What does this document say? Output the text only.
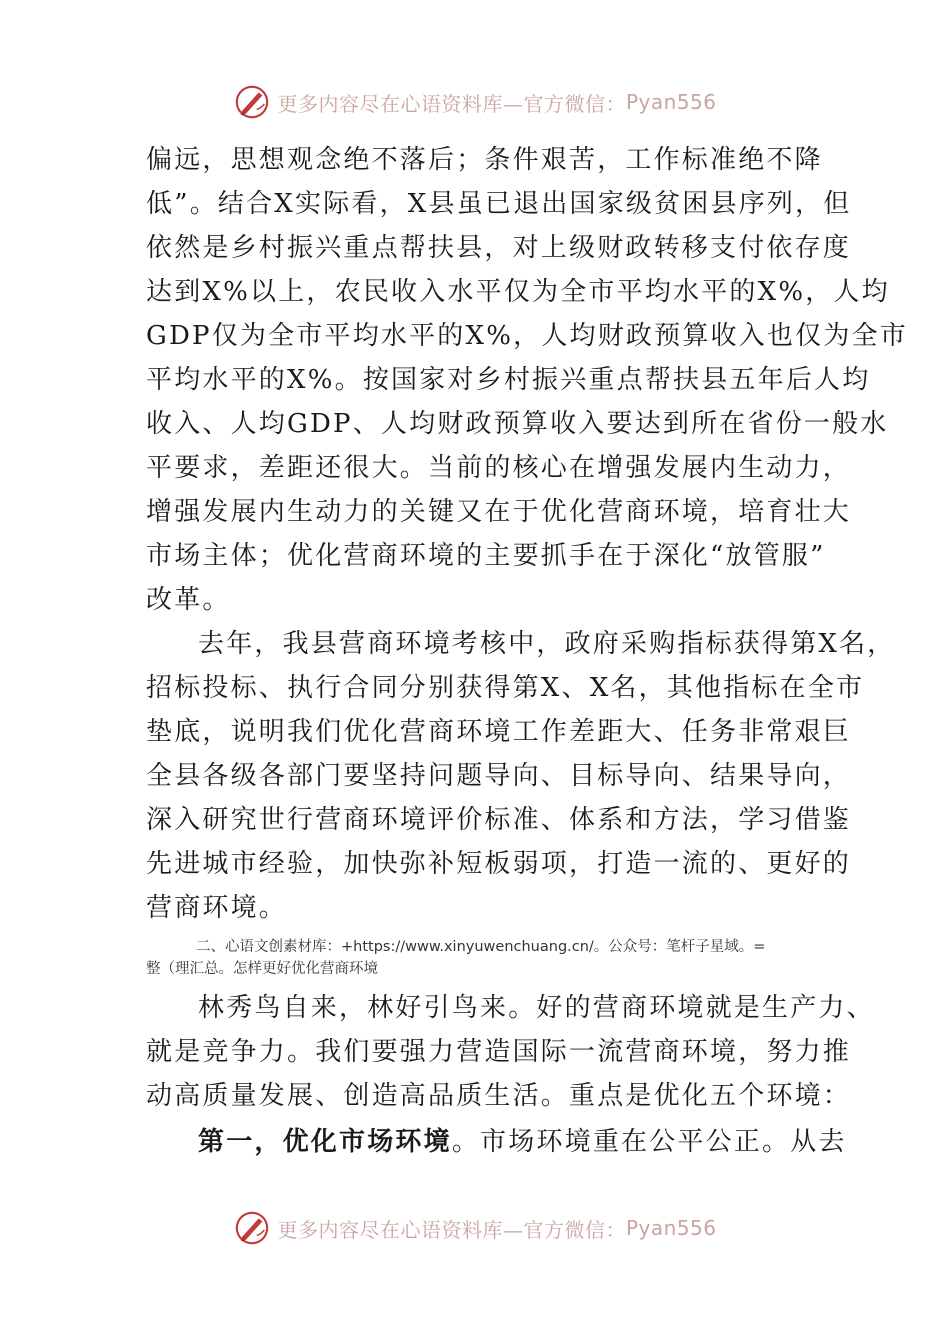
更多内容尽在心语资料库—官方微信： Pyan556
偏远，思想观念绝不落后；条件艰苦，工作标准绝不降
低”。结合X实际看，X县虽已退出国家级贫困县序列，但
依然是乡村振兴重点帮扶县，对上级财政转移支付依存度
达到X%以上，农民收入水平仅为全市平均水平的X%，人均
GDP仅为全市平均水平的X%，人均财政预算收入也仅为全市
平均水平的X%。按国家对乡村振兴重点帮扶县五年后人均
收入、人均GDP、人均财政预算收入要达到所在省份一般水
平要求，差距还很大。当前的核心在增强发展内生动力，
增强发展内生动力的关键又在于优化营商环境，培育壮大
市场主体；优化营商环境的主要抓手在于深化“放管服”
改革。
去年，我县营商环境考核中，政府采购指标获得第X名，
招标投标、执行合同分别获得第X、X名，其他指标在全市
垫底，说明我们优化营商环境工作差距大、任务非常艰巨
全县各级各部门要坚持问题导向、目标导向、结果导向，
深入研究世行营商环境评价标准、体系和方法，学习借鉴
先进城市经验，加快弥补短板弱项，打造一流的、更好的
营商环境。
二、心语文创素材库：+https://www.xinyuwenchuang.cn/。公众号：笔杆子星域。=
整（理汇总。怎样更好优化营商环境
林秀鸟自来，林好引鸟来。好的营商环境就是生产力、
就是竞争力。我们要强力营造国际一流营商环境，努力推
动高质量发展、创造高品质生活。重点是优化五个环境：
第一，优化市场环境。市场环境重在公平公正。从去
更多内容尽在心语资料库—官方微信： Pyan556
